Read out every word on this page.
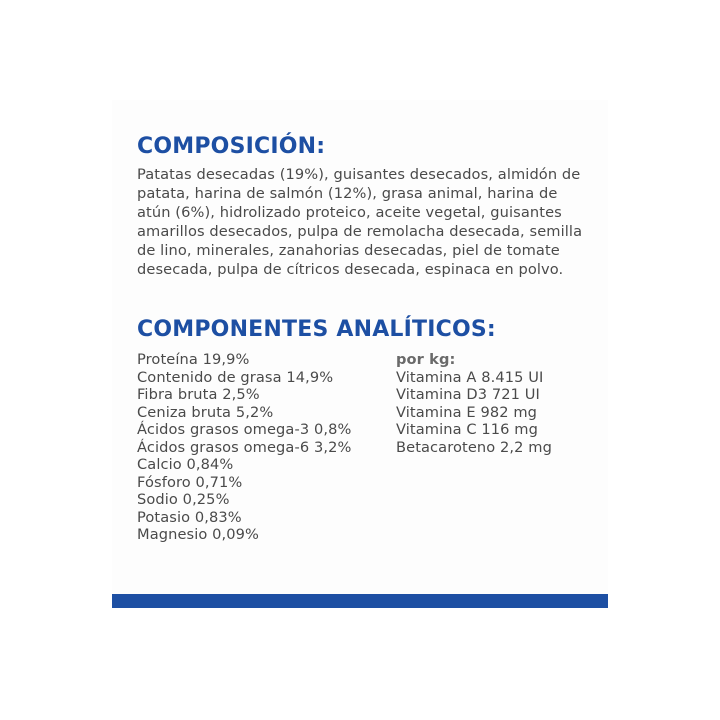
COMPOSICIÓN:

Patatas desecadas (19%), guisantes desecados, almidón de patata, harina de salmón (12%), grasa animal, harina de atún (6%), hidrolizado proteico, aceite vegetal, guisantes amarillos desecados, pulpa de remolacha desecada, semilla de lino, minerales, zanahorias desecadas, piel de tomate desecada, pulpa de cítricos desecada, espinaca en polvo.

COMPONENTES ANALÍTICOS:
Proteína 19,9%
Contenido de grasa 14,9%
Fibra bruta 2,5%
Ceniza bruta 5,2%
Ácidos grasos omega-3 0,8%
Ácidos grasos omega-6 3,2%
Calcio 0,84%
Fósforo 0,71%
Sodio 0,25%
Potasio 0,83%
Magnesio 0,09%
por kg:
Vitamina A 8.415 UI
Vitamina D3 721 UI
Vitamina E 982 mg
Vitamina C 116 mg
Betacaroteno 2,2 mg
